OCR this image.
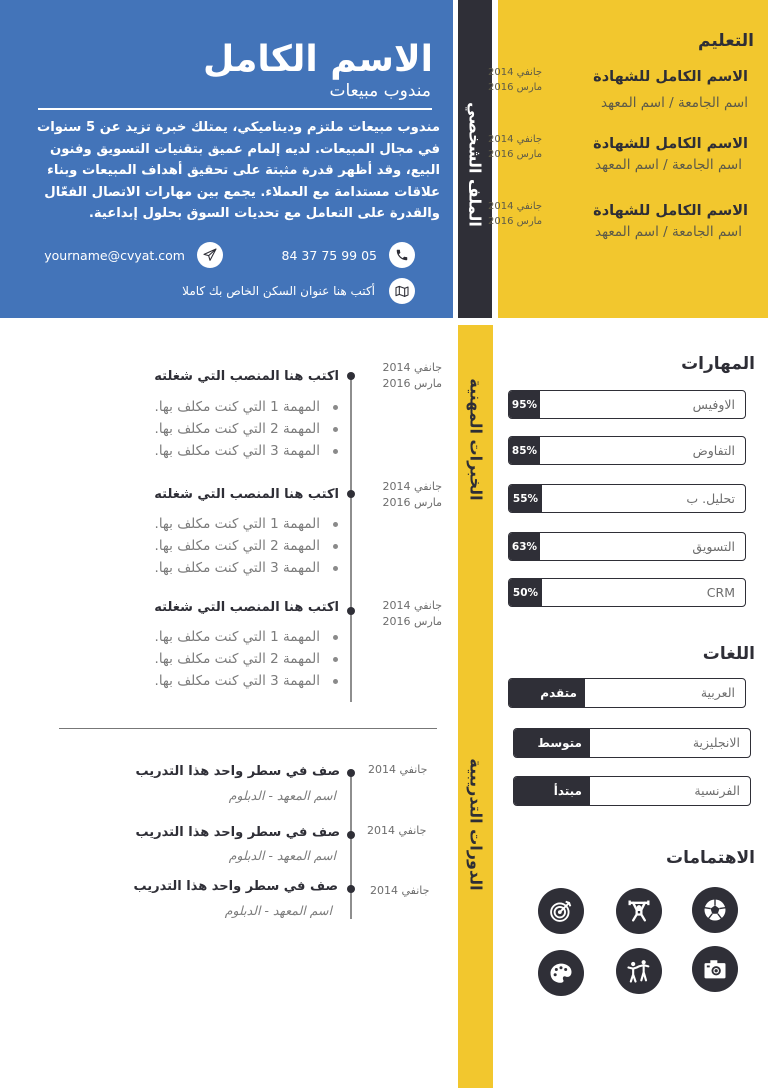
الاسم الكامل
مندوب مبيعات

مندوب مبيعات ملتزم وديناميكي، يمتلك خبرة تزيد عن 5 سنوات في مجال المبيعات. لديه إلمام عميق بتقنيات التسويق وفنون البيع، وقد أظهر قدرة مثبتة على تحقيق أهداف المبيعات وبناء علاقات مستدامة مع العملاء. يجمع بين مهارات الاتصال الفعّال والقدرة على التعامل مع تحديات السوق بحلول إبداعية.

05 99 75 37 84
yourname@cvyat.com
أكتب هنا عنوان السكن الخاص بك كاملا
الملف الشخصي
الخبرات المهنية
الدورات التدريبية
التعليم
الاسم الكامل للشهادة
اسم الجامعة / اسم المعهد
جانفي 2014
مارس 2016
الاسم الكامل للشهادة
اسم الجامعة / اسم المعهد
جانفي 2014
مارس 2016
الاسم الكامل للشهادة
اسم الجامعة / اسم المعهد
جانفي 2014
مارس 2016
اكتب هنا المنصب التي شغلته
جانفي 2014
مارس 2016
المهمة 1 التي كنت مكلف بها.
المهمة 2 التي كنت مكلف بها.
المهمة 3 التي كنت مكلف بها.
اكتب هنا المنصب التي شغلته
جانفي 2014
مارس 2016
المهمة 1 التي كنت مكلف بها.
المهمة 2 التي كنت مكلف بها.
المهمة 3 التي كنت مكلف بها.
اكتب هنا المنصب التي شغلته	جانفي 2014
مارس 2016
المهمة 1 التي كنت مكلف بها.
المهمة 2 التي كنت مكلف بها.
المهمة 3 التي كنت مكلف بها.
صف في سطر واحد هذا التدريب
اسم المعهد - الدبلوم
جانفي 2014
صف في سطر واحد هذا التدريب
اسم المعهد - الدبلوم
جانفي 2014
صف في سطر واحد هذا التدريب
اسم المعهد - الدبلوم
جانفي 2014
المهارات
95%	الاوفيس
85%	التفاوض
55%	تحليل. ب
63%	التسويق
50%	CRM
اللغات
متقدم	العربية
متوسط	الانجليزية
مبتدأ	الفرنسية
الاهتمامات
